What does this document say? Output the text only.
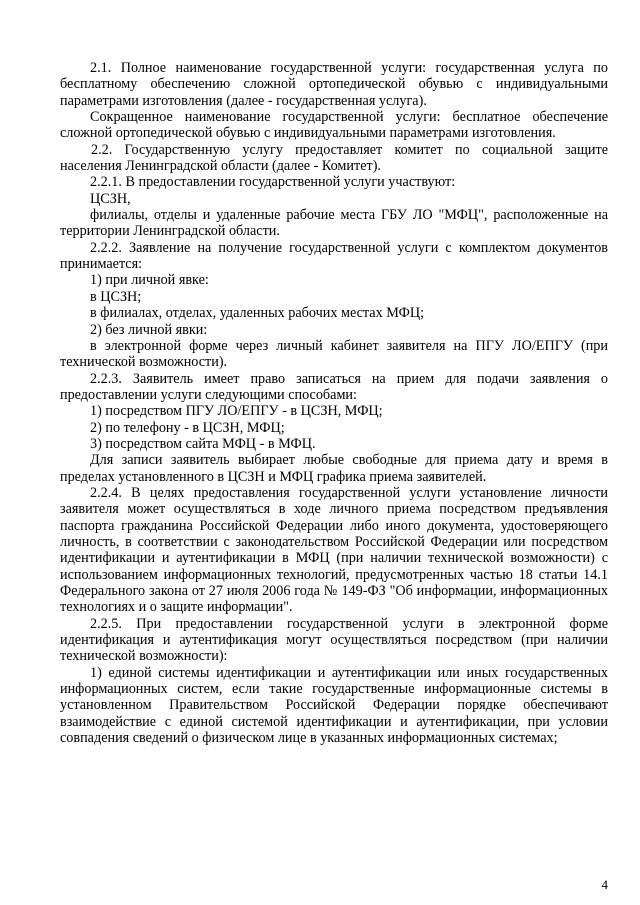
2.1. Полное наименование государственной услуги: государственная услуга по бесплатному обеспечению сложной ортопедической обувью с индивидуальными параметрами изготовления (далее - государственная услуга).

Сокращенное наименование государственной услуги: бесплатное обеспечение сложной ортопедической обувью с индивидуальными параметрами изготовления.

2.2. Государственную услугу предоставляет комитет по социальной защите населения Ленинградской области (далее - Комитет).

2.2.1. В предоставлении государственной услуги участвуют:

ЦСЗН,

филиалы, отделы и удаленные рабочие места ГБУ ЛО "МФЦ", расположенные на территории Ленинградской области.

2.2.2. Заявление на получение государственной услуги с комплектом документов принимается:

1) при личной явке:

в ЦСЗН;

в филиалах, отделах, удаленных рабочих местах МФЦ;

2) без личной явки:

в электронной форме через личный кабинет заявителя на ПГУ ЛО/ЕПГУ (при технической возможности).

2.2.3. Заявитель имеет право записаться на прием для подачи заявления о предоставлении услуги следующими способами:

1) посредством ПГУ ЛО/ЕПГУ - в ЦСЗН, МФЦ;

2) по телефону - в ЦСЗН, МФЦ;

3) посредством сайта МФЦ - в МФЦ.

Для записи заявитель выбирает любые свободные для приема дату и время в пределах установленного в ЦСЗН и МФЦ графика приема заявителей.

2.2.4. В целях предоставления государственной услуги установление личности заявителя может осуществляться в ходе личного приема посредством предъявления паспорта гражданина Российской Федерации либо иного документа, удостоверяющего личность, в соответствии с законодательством Российской Федерации или посредством идентификации и аутентификации в МФЦ (при наличии технической возможности) с использованием информационных технологий, предусмотренных частью 18 статьи 14.1 Федерального закона от 27 июля 2006 года № 149-ФЗ "Об информации, информационных технологиях и о защите информации".

2.2.5. При предоставлении государственной услуги в электронной форме идентификация и аутентификация могут осуществляться посредством (при наличии технической возможности):

1) единой системы идентификации и аутентификации или иных государственных информационных систем, если такие государственные информационные системы в установленном Правительством Российской Федерации порядке обеспечивают взаимодействие с единой системой идентификации и аутентификации, при условии совпадения сведений о физическом лице в указанных информационных системах;

4
